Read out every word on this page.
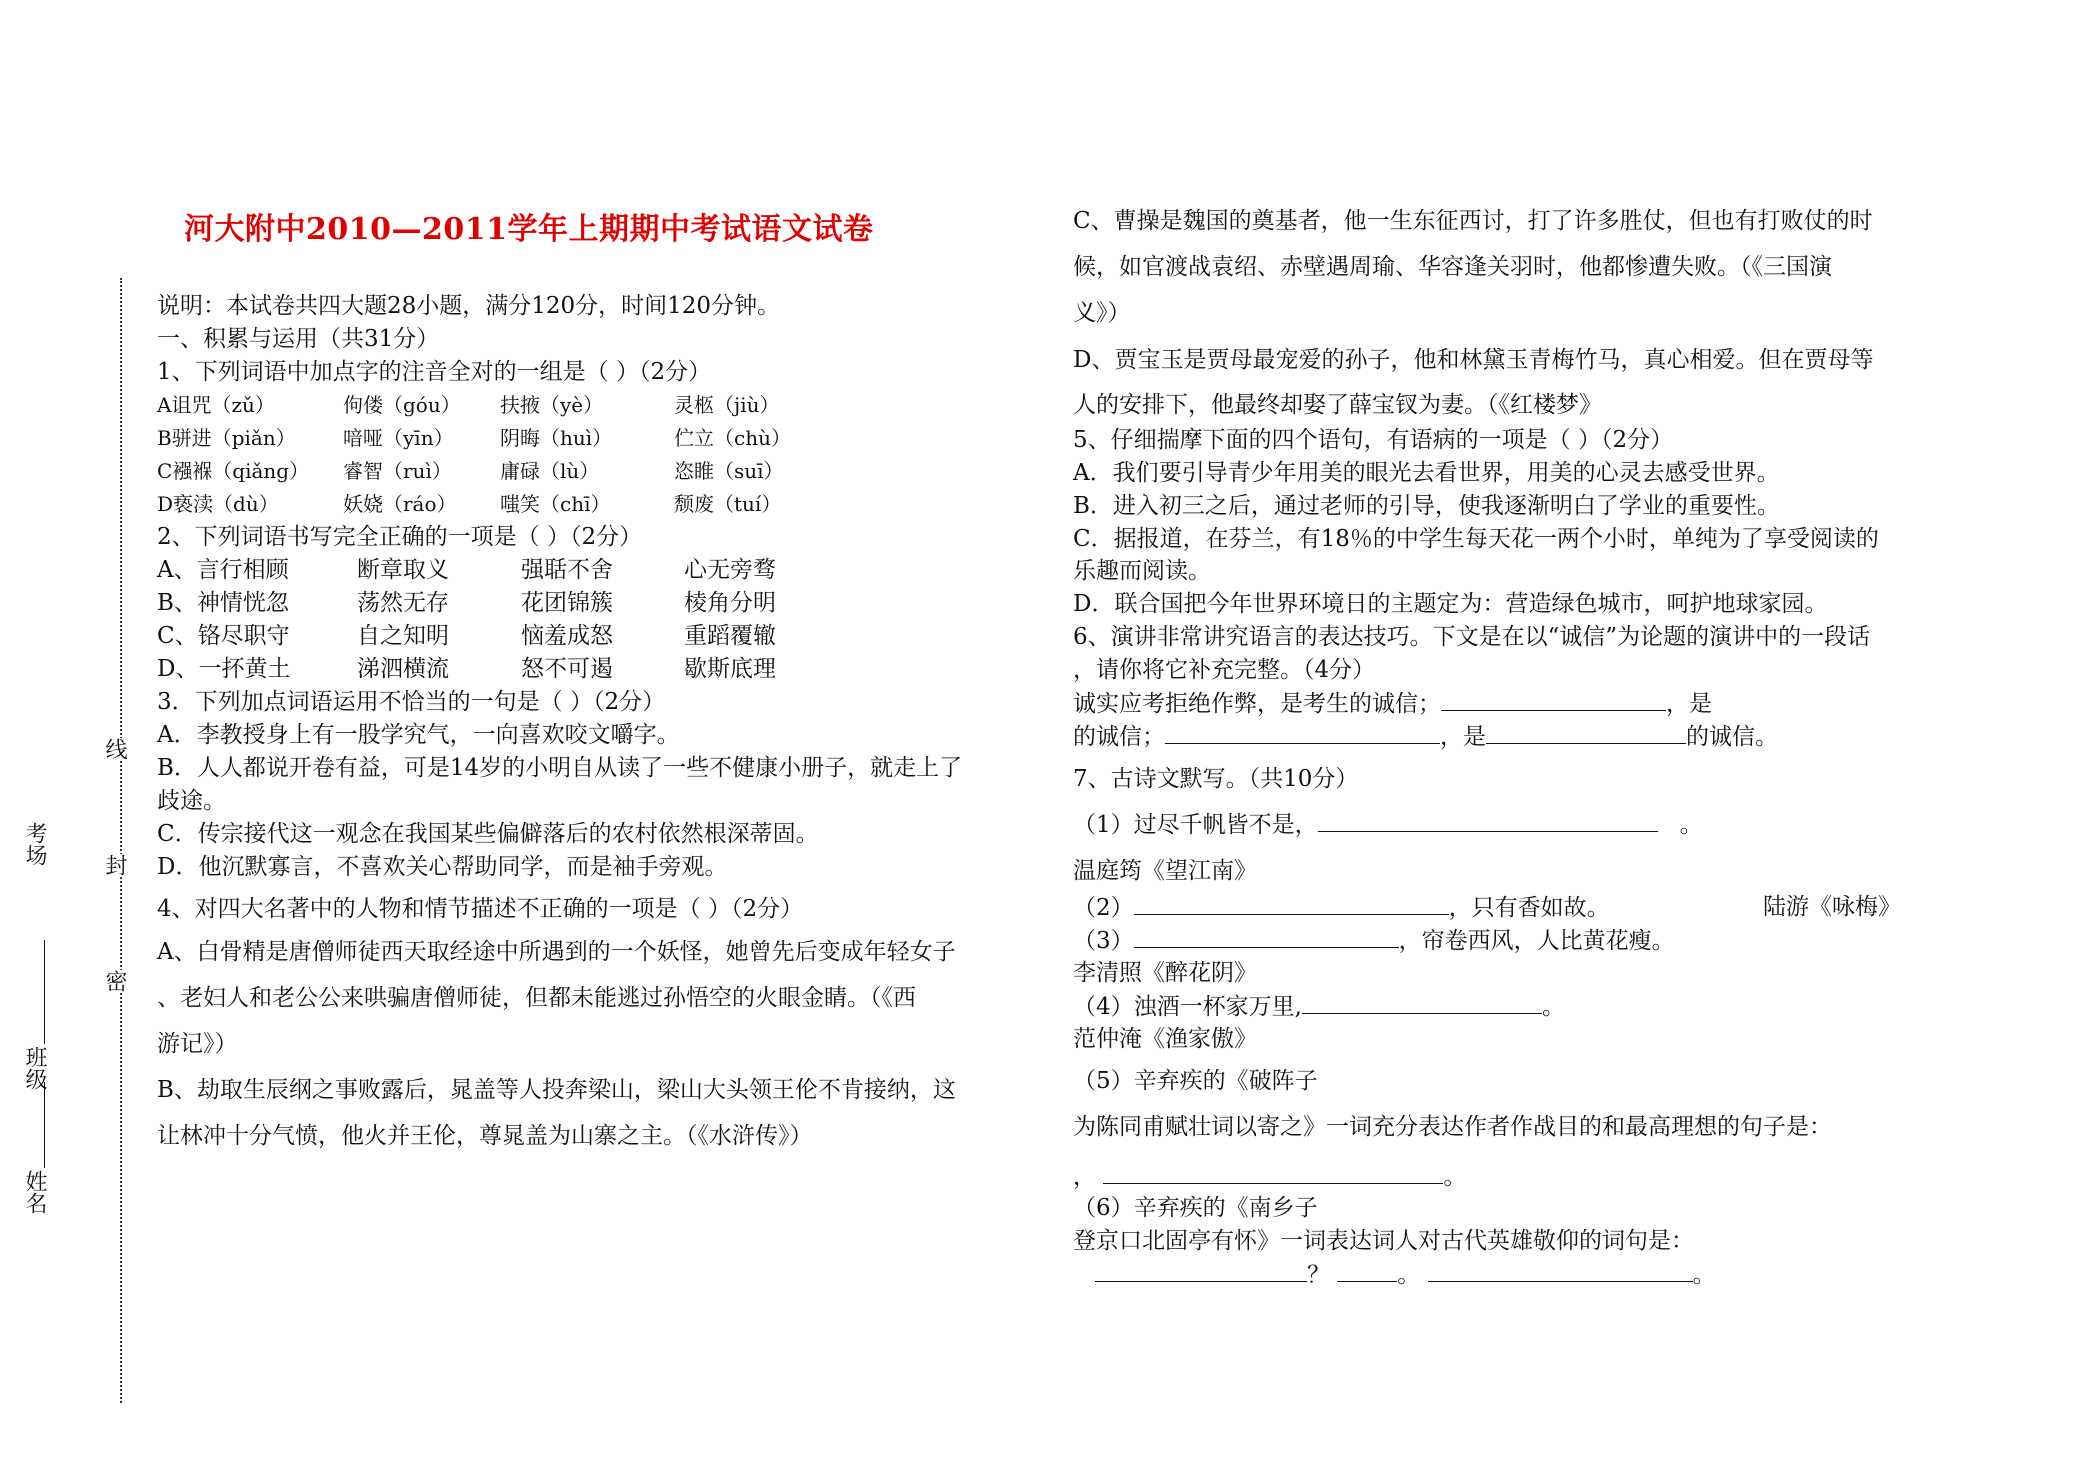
考场
班级
姓名
线
封
密
河大附中2010—2011学年上期期中考试语文试卷
说明：本试卷共四大题28小题，满分120分，时间120分钟。
一、积累与运用（共31分）
1、下列词语中加点字的注音全对的一组是（ ）（2分）
A诅咒（zǔ）	佝偻（góu） 扶掖（yè）	灵柩（jiù）
B骈进（piǎn） 喑哑（yīn） 阴晦（huì）	伫立（chù）
C襁褓（qiǎng） 睿智（ruì） 庸碌（lù）	恣睢（suī）
D亵渎（dù）	妖娆（ráo） 嗤笑（chī）	颓废（tuí）
2、下列词语书写完全正确的一项是（ ）（2分）
A、言行相顾	断章取义	强聒不舍	心无旁骛
B、神情恍忽	荡然无存	花团锦簇	棱角分明
C、铬尽职守	自之知明	恼羞成怒	重蹈覆辙
D、一抔黄土	涕泗横流	怒不可遏	歇斯底理
3．下列加点词语运用不恰当的一句是（ ）（2分）
A．李教授身上有一股学究气，一向喜欢咬文嚼字。
B．人人都说开卷有益，可是14岁的小明自从读了一些不健康小册子，就走上了
歧途。
C．传宗接代这一观念在我国某些偏僻落后的农村依然根深蒂固。
D．他沉默寡言，不喜欢关心帮助同学，而是袖手旁观。
4、对四大名著中的人物和情节描述不正确的一项是（ ）（2分）
A、白骨精是唐僧师徒西天取经途中所遇到的一个妖怪，她曾先后变成年轻女子
、老妇人和老公公来哄骗唐僧师徒，但都未能逃过孙悟空的火眼金睛。（《西
游记》）
B、劫取生辰纲之事败露后，晁盖等人投奔梁山，梁山大头领王伦不肯接纳，这
让林冲十分气愤，他火并王伦，尊晁盖为山寨之主。（《水浒传》）
C、曹操是魏国的奠基者，他一生东征西讨，打了许多胜仗，但也有打败仗的时
候，如官渡战袁绍、赤壁遇周瑜、华容逢关羽时，他都惨遭失败。（《三国演
义》）
D、贾宝玉是贾母最宠爱的孙子，他和林黛玉青梅竹马，真心相爱。但在贾母等
人的安排下，他最终却娶了薛宝钗为妻。（《红楼梦》
5、仔细揣摩下面的四个语句，有语病的一项是（ ）（2分）
A．我们要引导青少年用美的眼光去看世界，用美的心灵去感受世界。
B．进入初三之后，通过老师的引导，使我逐渐明白了学业的重要性。
C．据报道，在芬兰，有18％的中学生每天花一两个小时，单纯为了享受阅读的
乐趣而阅读。
D．联合国把今年世界环境日的主题定为：营造绿色城市，呵护地球家园。
6、演讲非常讲究语言的表达技巧。下文是在以“诚信”为论题的演讲中的一段话
，请你将它补充完整。（4分）
诚实应考拒绝作弊，是考生的诚信；	，是
的诚信；	，是	的诚信。
7、古诗文默写。（共10分）
（1）过尽千帆皆不是，	。
温庭筠《望江南》
（2）	，只有香如故。	陆游《咏梅》
（3）	，帘卷西风，人比黄花瘦。
李清照《醉花阴》
（4）浊酒一杯家万里,	。
范仲淹《渔家傲》
（5）辛弃疾的《破阵子
为陈同甫赋壮词以寄之》一词充分表达作者作战目的和最高理想的句子是：
，	。
（6）辛弃疾的《南乡子
登京口北固亭有怀》一词表达词人对古代英雄敬仰的词句是：
？	。	。
